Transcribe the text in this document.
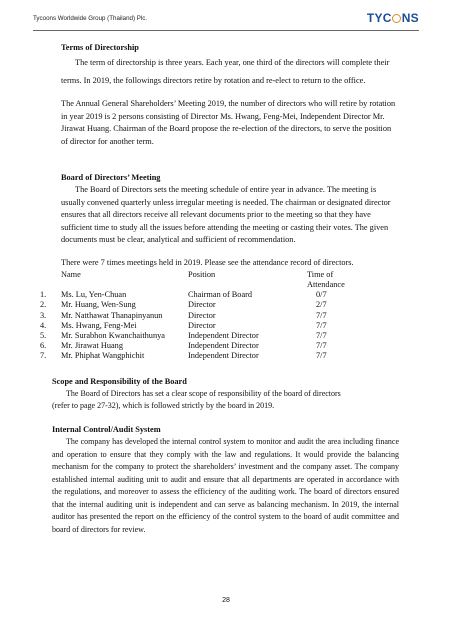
Tycoons Worldwide Group (Thailand) Plc.	TYC NS

Terms of Directorship

The term of directorship is three years. Each year, one third of the directors will complete their terms. In 2019, the followings directors retire by rotation and re-elect to return to the office.

The Annual General Shareholders’ Meeting 2019, the number of directors who will retire by rotation in year 2019 is 2 persons consisting of Director Ms. Hwang, Feng-Mei, Independent Director Mr. Jirawat Huang. Chairman of the Board propose the re-election of the directors, to serve the position of director for another term.

Board of Directors’ Meeting

The Board of Directors sets the meeting schedule of entire year in advance. The meeting is usually convened quarterly unless irregular meeting is needed. The chairman or designated director ensures that all directors receive all relevant documents prior to the meeting so that they have sufficient time to study all the issues before attending the meeting or casting their votes. The given documents must be clear, analytical and sufficient of recommendation.

There were 7 times meetings held in 2019. Please see the attendance record of directors.

Name	Position	Time of
Attendance
1. Ms. Lu, Yen-Chuan	Chairman of Board	0/7
2. Mr. Huang, Wen-Sung	Director	2/7
3. Mr. Natthawat Thanapinyanun	Director	7/7
4. Ms. Hwang, Feng-Mei	Director	7/7
5. Mr. Surabhon Kwanchaithunya	Independent Director	7/7
6. Mr. Jirawat Huang	Independent Director	7/7
7. Mr. Phiphat Wangphichit	Independent Director	7/7

Scope and Responsibility of the Board

The Board of Directors has set a clear scope of responsibility of the board of directors

(refer to page 27-32), which is followed strictly by the board in 2019.

Internal Control/Audit System

The company has developed the internal control system to monitor and audit the area including finance and operation to ensure that they comply with the law and regulations. It would provide the balancing mechanism for the company to protect the shareholders’ investment and the company asset. The company established internal auditing unit to audit and ensure that all departments are operated in accordance with the regulations, and moreover to assess the efficiency of the auditing work. The board of directors ensured that the internal auditing unit is independent and can serve as balancing mechanism. In 2019, the internal auditor has presented the report on the efficiency of the control system to the board of audit committee and board of directors for review.

28
